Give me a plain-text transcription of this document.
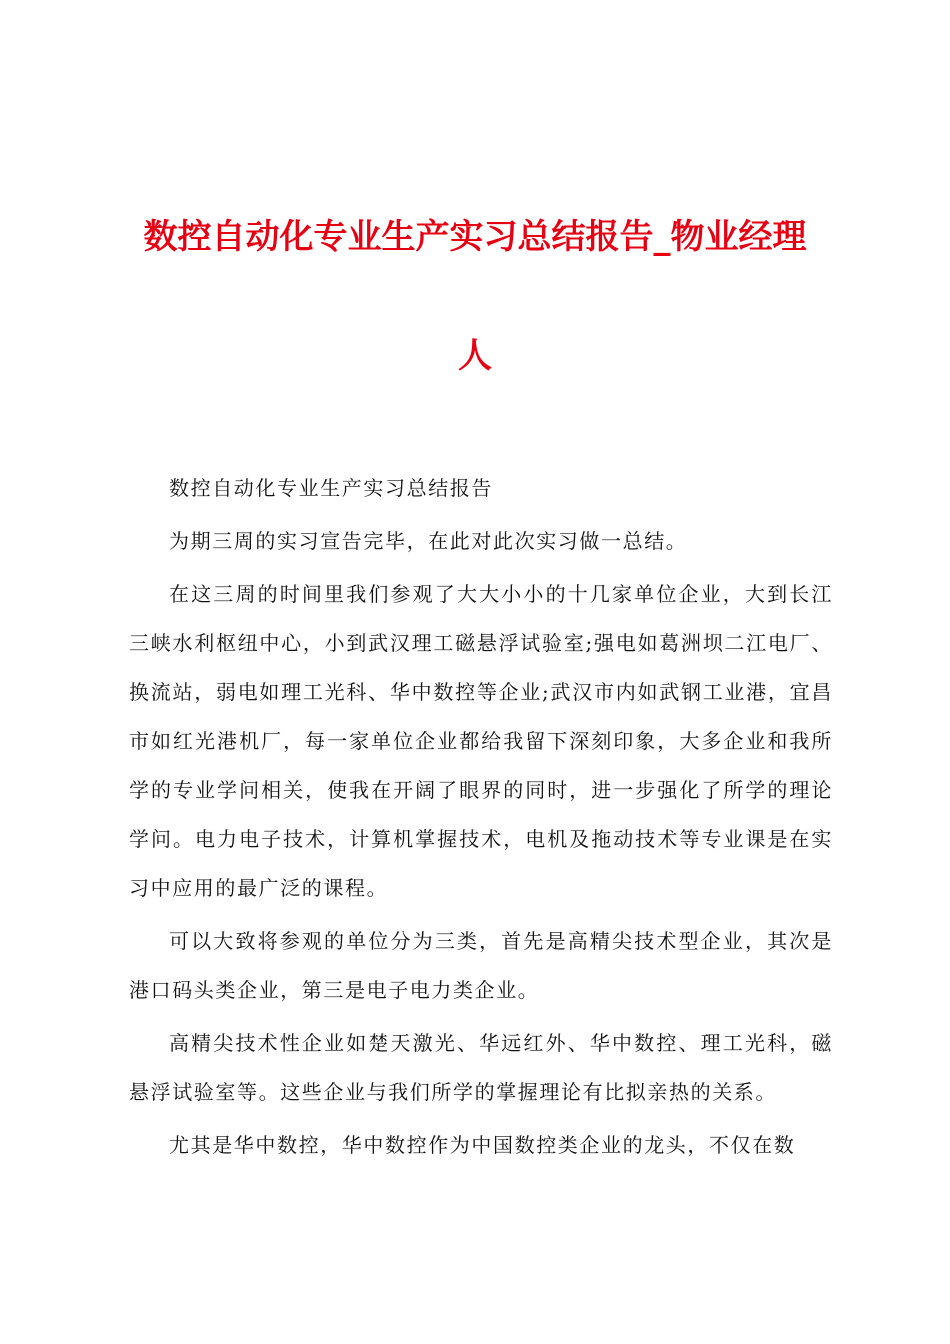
数控自动化专业生产实习总结报告_物业经理
人

数控自动化专业生产实习总结报告

为期三周的实习宣告完毕，在此对此次实习做一总结。

在这三周的时间里我们参观了大大小小的十几家单位企业，大到长江三峡水利枢纽中心，小到武汉理工磁悬浮试验室;强电如葛洲坝二江电厂、换流站，弱电如理工光科、华中数控等企业;武汉市内如武钢工业港，宜昌市如红光港机厂，每一家单位企业都给我留下深刻印象，大多企业和我所学的专业学问相关，使我在开阔了眼界的同时，进一步强化了所学的理论学问。电力电子技术，计算机掌握技术，电机及拖动技术等专业课是在实习中应用的最广泛的课程。

可以大致将参观的单位分为三类，首先是高精尖技术型企业，其次是港口码头类企业，第三是电子电力类企业。

高精尖技术性企业如楚天激光、华远红外、华中数控、理工光科，磁悬浮试验室等。这些企业与我们所学的掌握理论有比拟亲热的关系。

尤其是华中数控，华中数控作为中国数控类企业的龙头，不仅在数
